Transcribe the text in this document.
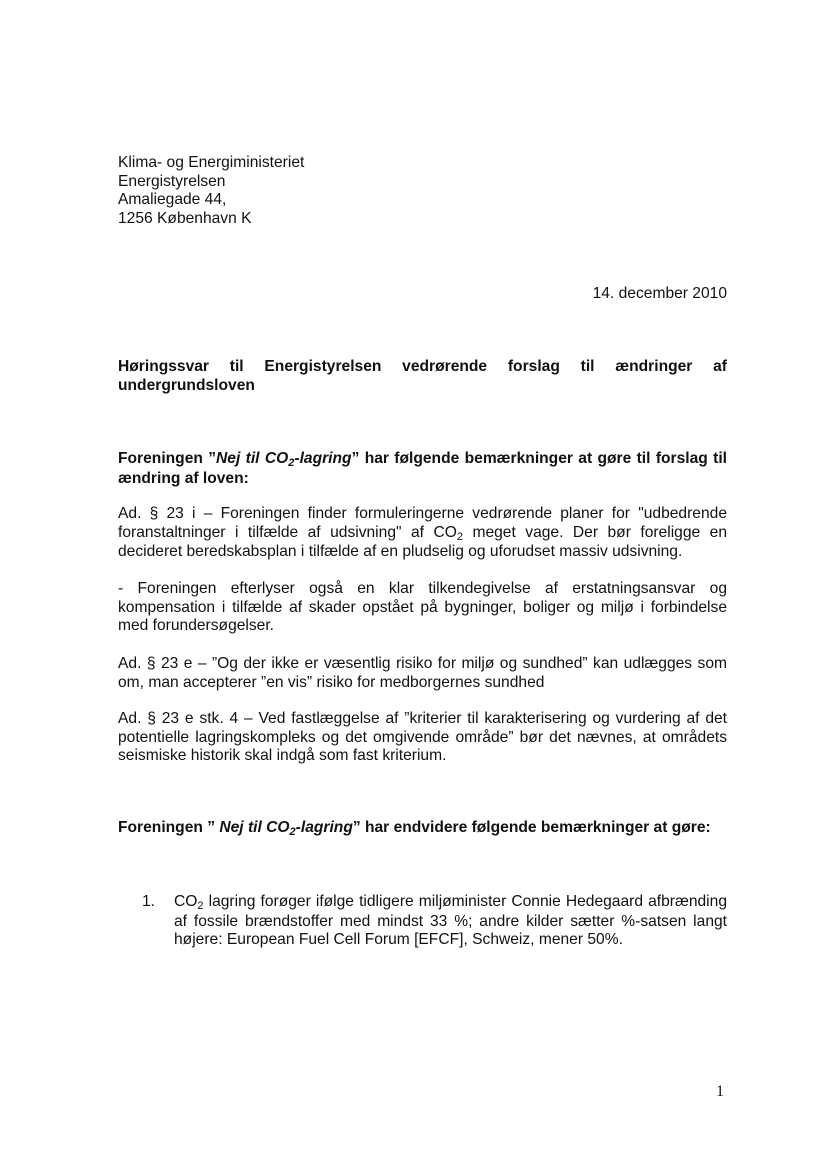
Klima- og Energiministeriet
Energistyrelsen
Amaliegade 44,
1256 København K
14. december 2010
Høringssvar til Energistyrelsen vedrørende forslag til ændringer af
undergrundsloven
Foreningen ”Nej til $CO_2$-lagring” har følgende bemærkninger at gøre til forslag til ændring af loven:
Ad. § 23 i – Foreningen finder formuleringerne vedrørende planer for "udbedrende foranstaltninger i tilfælde af udsivning" af $CO_2$ meget vage. Der bør foreligge en decideret beredskabsplan i tilfælde af en pludselig og uforudset massiv udsivning.
- Foreningen efterlyser også en klar tilkendegivelse af erstatningsansvar og kompensation i tilfælde af skader opstået på bygninger, boliger og miljø i forbindelse med forundersøgelser.
Ad. § 23 e – ”Og der ikke er væsentlig risiko for miljø og sundhed” kan udlægges som om, man accepterer ”en vis” risiko for medborgernes sundhed
Ad. § 23 e stk. 4 – Ved fastlæggelse af ”kriterier til karakterisering og vurdering af det potentielle lagringskompleks og det omgivende område” bør det nævnes, at områdets seismiske historik skal indgå som fast kriterium.
Foreningen ” Nej til $CO_2$-lagring” har endvidere følgende bemærkninger at gøre:
1. $CO_2$ lagring forøger ifølge tidligere miljøminister Connie Hedegaard afbrænding af fossile brændstoffer med mindst 33 %; andre kilder sætter %-satsen langt højere: European Fuel Cell Forum [EFCF], Schweiz, mener 50%.
1
